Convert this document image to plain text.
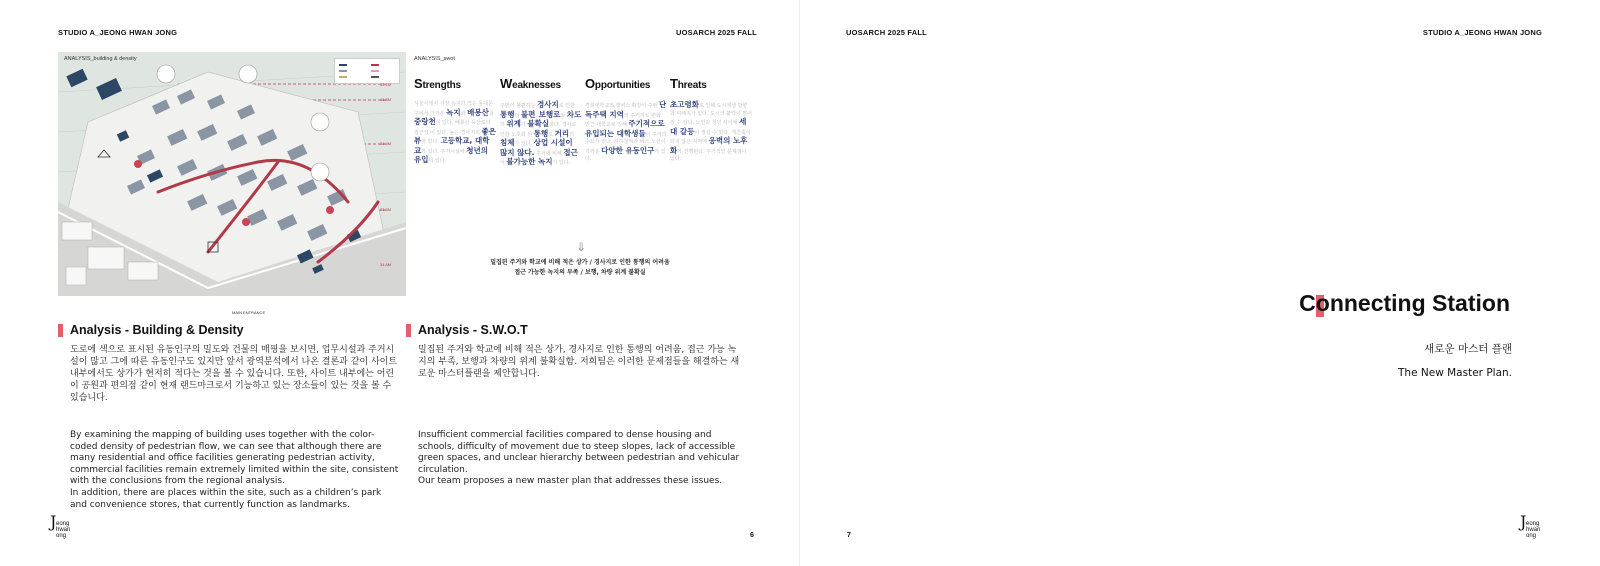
STUDIO A_JEONG HWAN JONG	UOSARCH 2025 FALL
ANALYSIS_building & density
55.1M
46.8M
38.4M
35.3M
34.8M
MAIN ENTRANCE
ANALYSIS_swot
Strengths
서울시에서 가장 녹지가 적은 동대문구에서 가까운 녹지과 배봉산과 중랑천이 있다. 배봉산 등산로의 접근성 이 있다. 높은 경사지의 좋은 뷰가 있다. 고등학교, 대학교가 있다. 주거시설에 청년의 유입이 있다.
Weaknesses
주민이 불편하는 경사지로 인한 통행의 불편. 보행로와 차도의 위계가 불확실하다. 경사로 인한 노후화 된 통행로 거리의 침체가 있다. 상업 시설이 많지 않다. 주거에 비해 접근이 불가능한 녹지가 있다.
Opportunities
경희대학교의 캠퍼스 확장이 주변 단독주택 지역의 주거지로 변화. 인근 대학교로 인해 주기적으로 유입되는 대학생들이 주거의 수요가 있다. 지하철역과 버스 노선이 가까운 다양한 유동인구가 있다.
Threats
초고령화로 인해 도시재생 방향과 미래지가 있다. 도시의 활력이 떨어질 수 있다. 노인과 청년 사이에 세대 갈등이 생길 수 있다. 재건축이 되지 않은 지역에 옹벽의 노후화가 진행된다. 주거적인 문제점이 있다.
⇓
밀집된 주거와 학교에 비해 적은 상가 / 경사지로 인한 통행의 어려움
접근 가능한 녹지의 부족 / 보행, 차량 위계 불확실
Analysis - Building & Density
도로에 색으로 표시된 유동인구의 밀도와 건물의 매핑을 보시면, 업무시설과 주거시설이 많고 그에 따른 유동인구도 있지만 앞서 광역분석에서 나온 결론과 같이 사이트 내부에서도 상가가 현저히 적다는 것을 볼 수 있습니다. 또한, 사이트 내부에는 어린이 공원과 편의점 같이 현재 랜드마크로서 기능하고 있는 장소들이 있는 것을 볼 수 있습니다.
By examining the mapping of building uses together with the color-coded density of pedestrian flow, we can see that although there are many residential and office facilities generating pedestrian activity, commercial facilities remain extremely limited within the site, consistent with the conclusions from the regional analysis.
In addition, there are places within the site, such as a children’s park and convenience stores, that currently function as landmarks.
Analysis - S.W.O.T
밀집된 주거와 학교에 비해 적은 상가, 경사지로 인한 통행의 어려움, 접근 가능 녹지의 부족, 보행과 차량의 위계 불확실함. 저희팀은 이러한 문제점들을 해결하는 새로운 마스터플랜을 제안합니다.
Insufficient commercial facilities compared to dense housing and schools, difficulty of movement due to steep slopes, lack of accessible green spaces, and unclear hierarchy between pedestrian and vehicular circulation.
Our team proposes a new master plan that addresses these issues.
6
J eong
hwan
ong
UOSARCH 2025 FALL	STUDIO A_JEONG HWAN JONG
7
J eong
hwan
ong
Connecting Station
새로운 마스터 플랜
The New Master Plan.
